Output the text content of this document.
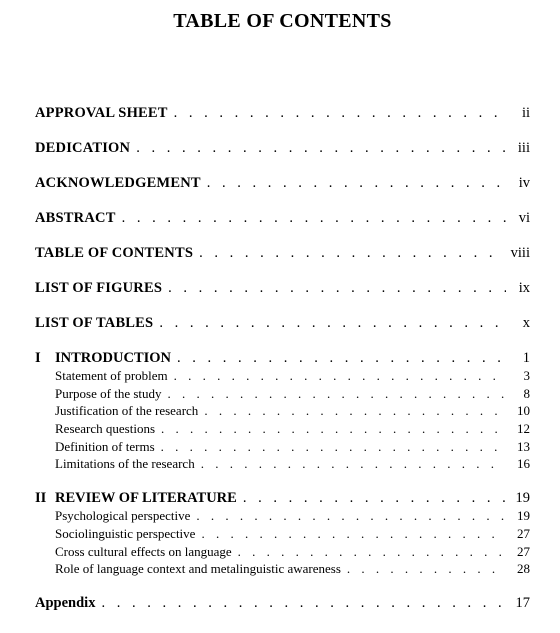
TABLE OF CONTENTS
APPROVAL SHEET . . .	ii
DEDICATION . . .	iii
ACKNOWLEDGEMENT . . .	iv
ABSTRACT . . .	vi
TABLE OF CONTENTS . . .	viii
LIST OF FIGURES . . .	ix
LIST OF TABLES . . .	x
I INTRODUCTION . . .	1
Statement of problem . . .	3
Purpose of the study . . .	8
Justification of the research . . .	10
Research questions . . .	12
Definition of terms . . .	13
Limitations of the research . . .	16
II REVIEW OF LITERATURE . . .	19
Psychological perspective . . .	19
Sociolinguistic perspective . . .	27
Cross cultural effects on language . . .	27
Role of language context and metalinguistic awareness . . .	28
Appendix . . .	17
